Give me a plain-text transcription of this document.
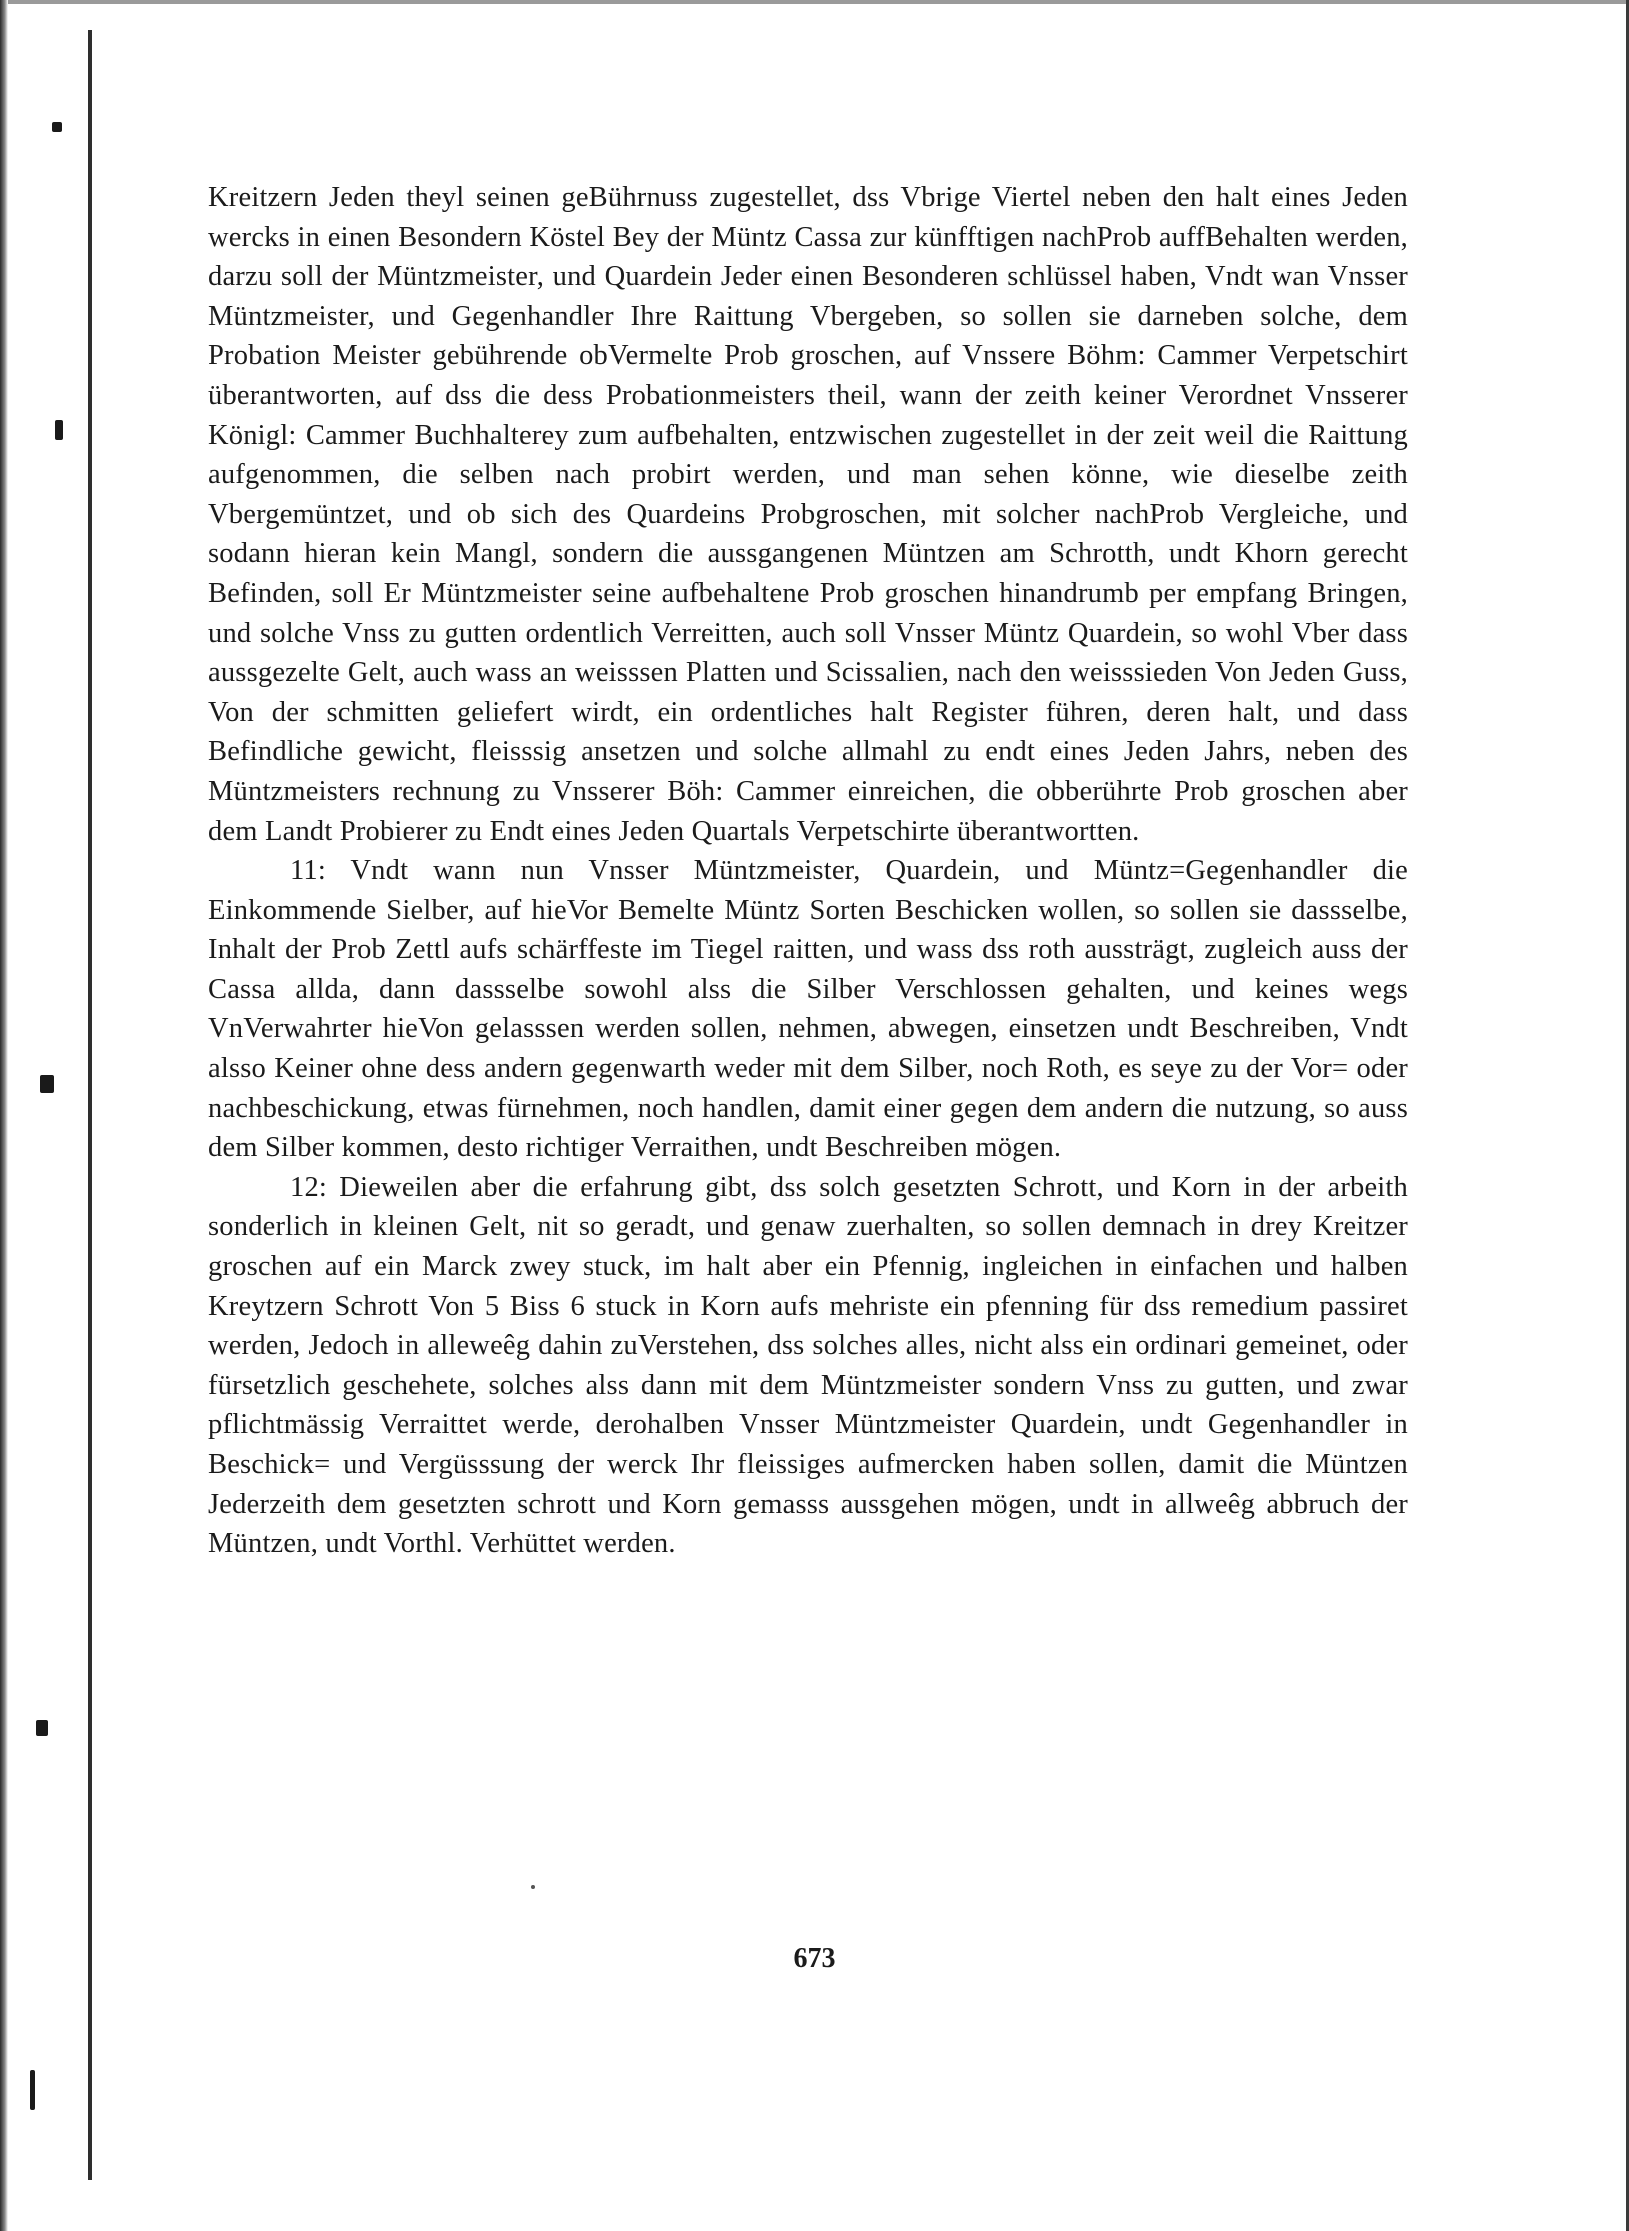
Kreitzern Jeden theyl seinen geBührnuss zugestellet, dss Vbrige Viertel neben den halt eines Jeden wercks in einen Besondern Köstel Bey der Müntz Cassa zur künfftigen nachProb auffBehalten werden, darzu soll der Müntzmeister, und Quardein Jeder einen Besonderen schlüssel haben, Vndt wan Vnsser Müntzmeister, und Gegenhandler Ihre Raittung Vbergeben, so sollen sie darneben solche, dem Probation Meister gebührende obVermelte Prob groschen, auf Vnssere Böhm: Cammer Verpetschirt überantworten, auf dss die dess Probationmeisters theil, wann der zeith keiner Verordnet Vnsserer Königl: Cammer Buchhalterey zum aufbehalten, entzwischen zugestellet in der zeit weil die Raittung aufgenommen, die selben nach probirt werden, und man sehen könne, wie dieselbe zeith Vbergemüntzet, und ob sich des Quardeins Probgroschen, mit solcher nachProb Vergleiche, und sodann hieran kein Mangl, sondern die aussgangenen Müntzen am Schrotth, undt Khorn gerecht Befinden, soll Er Müntzmeister seine aufbehaltene Prob groschen hinandrumb per empfang Bringen, und solche Vnss zu gutten ordentlich Verreitten, auch soll Vnsser Müntz Quardein, so wohl Vber dass aussgezelte Gelt, auch wass an weisssen Platten und Scissalien, nach den weisssieden Von Jeden Guss, Von der schmitten geliefert wirdt, ein ordentliches halt Register führen, deren halt, und dass Befindliche gewicht, fleisssig ansetzen und solche allmahl zu endt eines Jeden Jahrs, neben des Müntzmeisters rechnung zu Vnsserer Böh: Cammer einreichen, die obberührte Prob groschen aber dem Landt Probierer zu Endt eines Jeden Quartals Verpetschirte überantwortten.

11: Vndt wann nun Vnsser Müntzmeister, Quardein, und Müntz=Gegenhandler die Einkommende Sielber, auf hieVor Bemelte Müntz Sorten Beschicken wollen, so sollen sie dassselbe, Inhalt der Prob Zettl aufs schärffeste im Tiegel raitten, und wass dss roth aussträgt, zugleich auss der Cassa allda, dann dassselbe sowohl alss die Silber Verschlossen gehalten, und keines wegs VnVerwahrter hieVon gelasssen werden sollen, nehmen, abwegen, einsetzen undt Beschreiben, Vndt alsso Keiner ohne dess andern gegenwarth weder mit dem Silber, noch Roth, es seye zu der Vor= oder nachbeschickung, etwas fürnehmen, noch handlen, damit einer gegen dem andern die nutzung, so auss dem Silber kommen, desto richtiger Verraithen, undt Beschreiben mögen.

12: Dieweilen aber die erfahrung gibt, dss solch gesetzten Schrott, und Korn in der arbeith sonderlich in kleinen Gelt, nit so geradt, und genaw zuerhalten, so sollen demnach in drey Kreitzer groschen auf ein Marck zwey stuck, im halt aber ein Pfennig, ingleichen in einfachen und halben Kreytzern Schrott Von 5 Biss 6 stuck in Korn aufs mehriste ein pfenning für dss remedium passiret werden, Jedoch in alleweêg dahin zuVerstehen, dss solches alles, nicht alss ein ordinari gemeinet, oder fürsetzlich geschehete, solches alss dann mit dem Müntzmeister sondern Vnss zu gutten, und zwar pflichtmässig Verraittet werde, derohalben Vnsser Müntzmeister Quardein, undt Gegenhandler in Beschick= und Vergüsssung der werck Ihr fleissiges aufmercken haben sollen, damit die Müntzen Jederzeith dem gesetzten schrott und Korn gemasss aussgehen mögen, undt in allweêg abbruch der Müntzen, undt Vorthl. Verhüttet werden.

673
